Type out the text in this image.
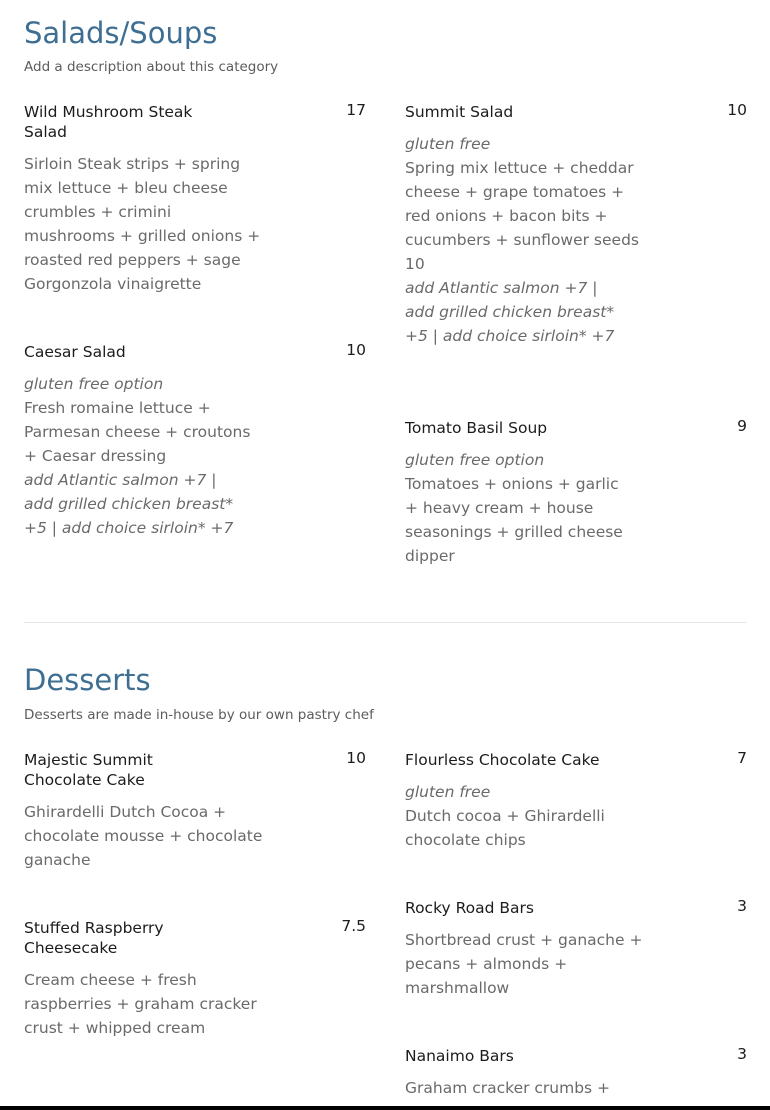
Salads/Soups

Add a description about this category

Wild Mushroom Steak Salad
17
Sirloin Steak strips + spring mix lettuce + bleu cheese crumbles + crimini mushrooms + grilled onions + roasted red peppers + sage Gorgonzola vinaigrette
Summit Salad	10
gluten free
Spring mix lettuce + cheddar cheese + grape tomatoes + red onions + bacon bits + cucumbers + sunflower seeds 10
add Atlantic salmon +7 | add grilled chicken breast* +5 | add choice sirloin* +7
Caesar Salad	10
gluten free option
Fresh romaine lettuce + Parmesan cheese + croutons + Caesar dressing
add Atlantic salmon +7 | add grilled chicken breast* +5 | add choice sirloin* +7
Tomato Basil Soup	9
gluten free option
Tomatoes + onions + garlic + heavy cream + house seasonings + grilled cheese dipper
Desserts

Desserts are made in-house by our own pastry chef

Majestic Summit Chocolate Cake
10
Ghirardelli Dutch Cocoa + chocolate mousse + chocolate ganache
Flourless Chocolate Cake	7
gluten free
Dutch cocoa + Ghirardelli chocolate chips
Stuffed Raspberry Cheesecake
7.5
Cream cheese + fresh raspberries + graham cracker crust + whipped cream
Rocky Road Bars	3
Shortbread crust + ganache + pecans + almonds + marshmallow
Nanaimo Bars	3
Graham cracker crumbs +
